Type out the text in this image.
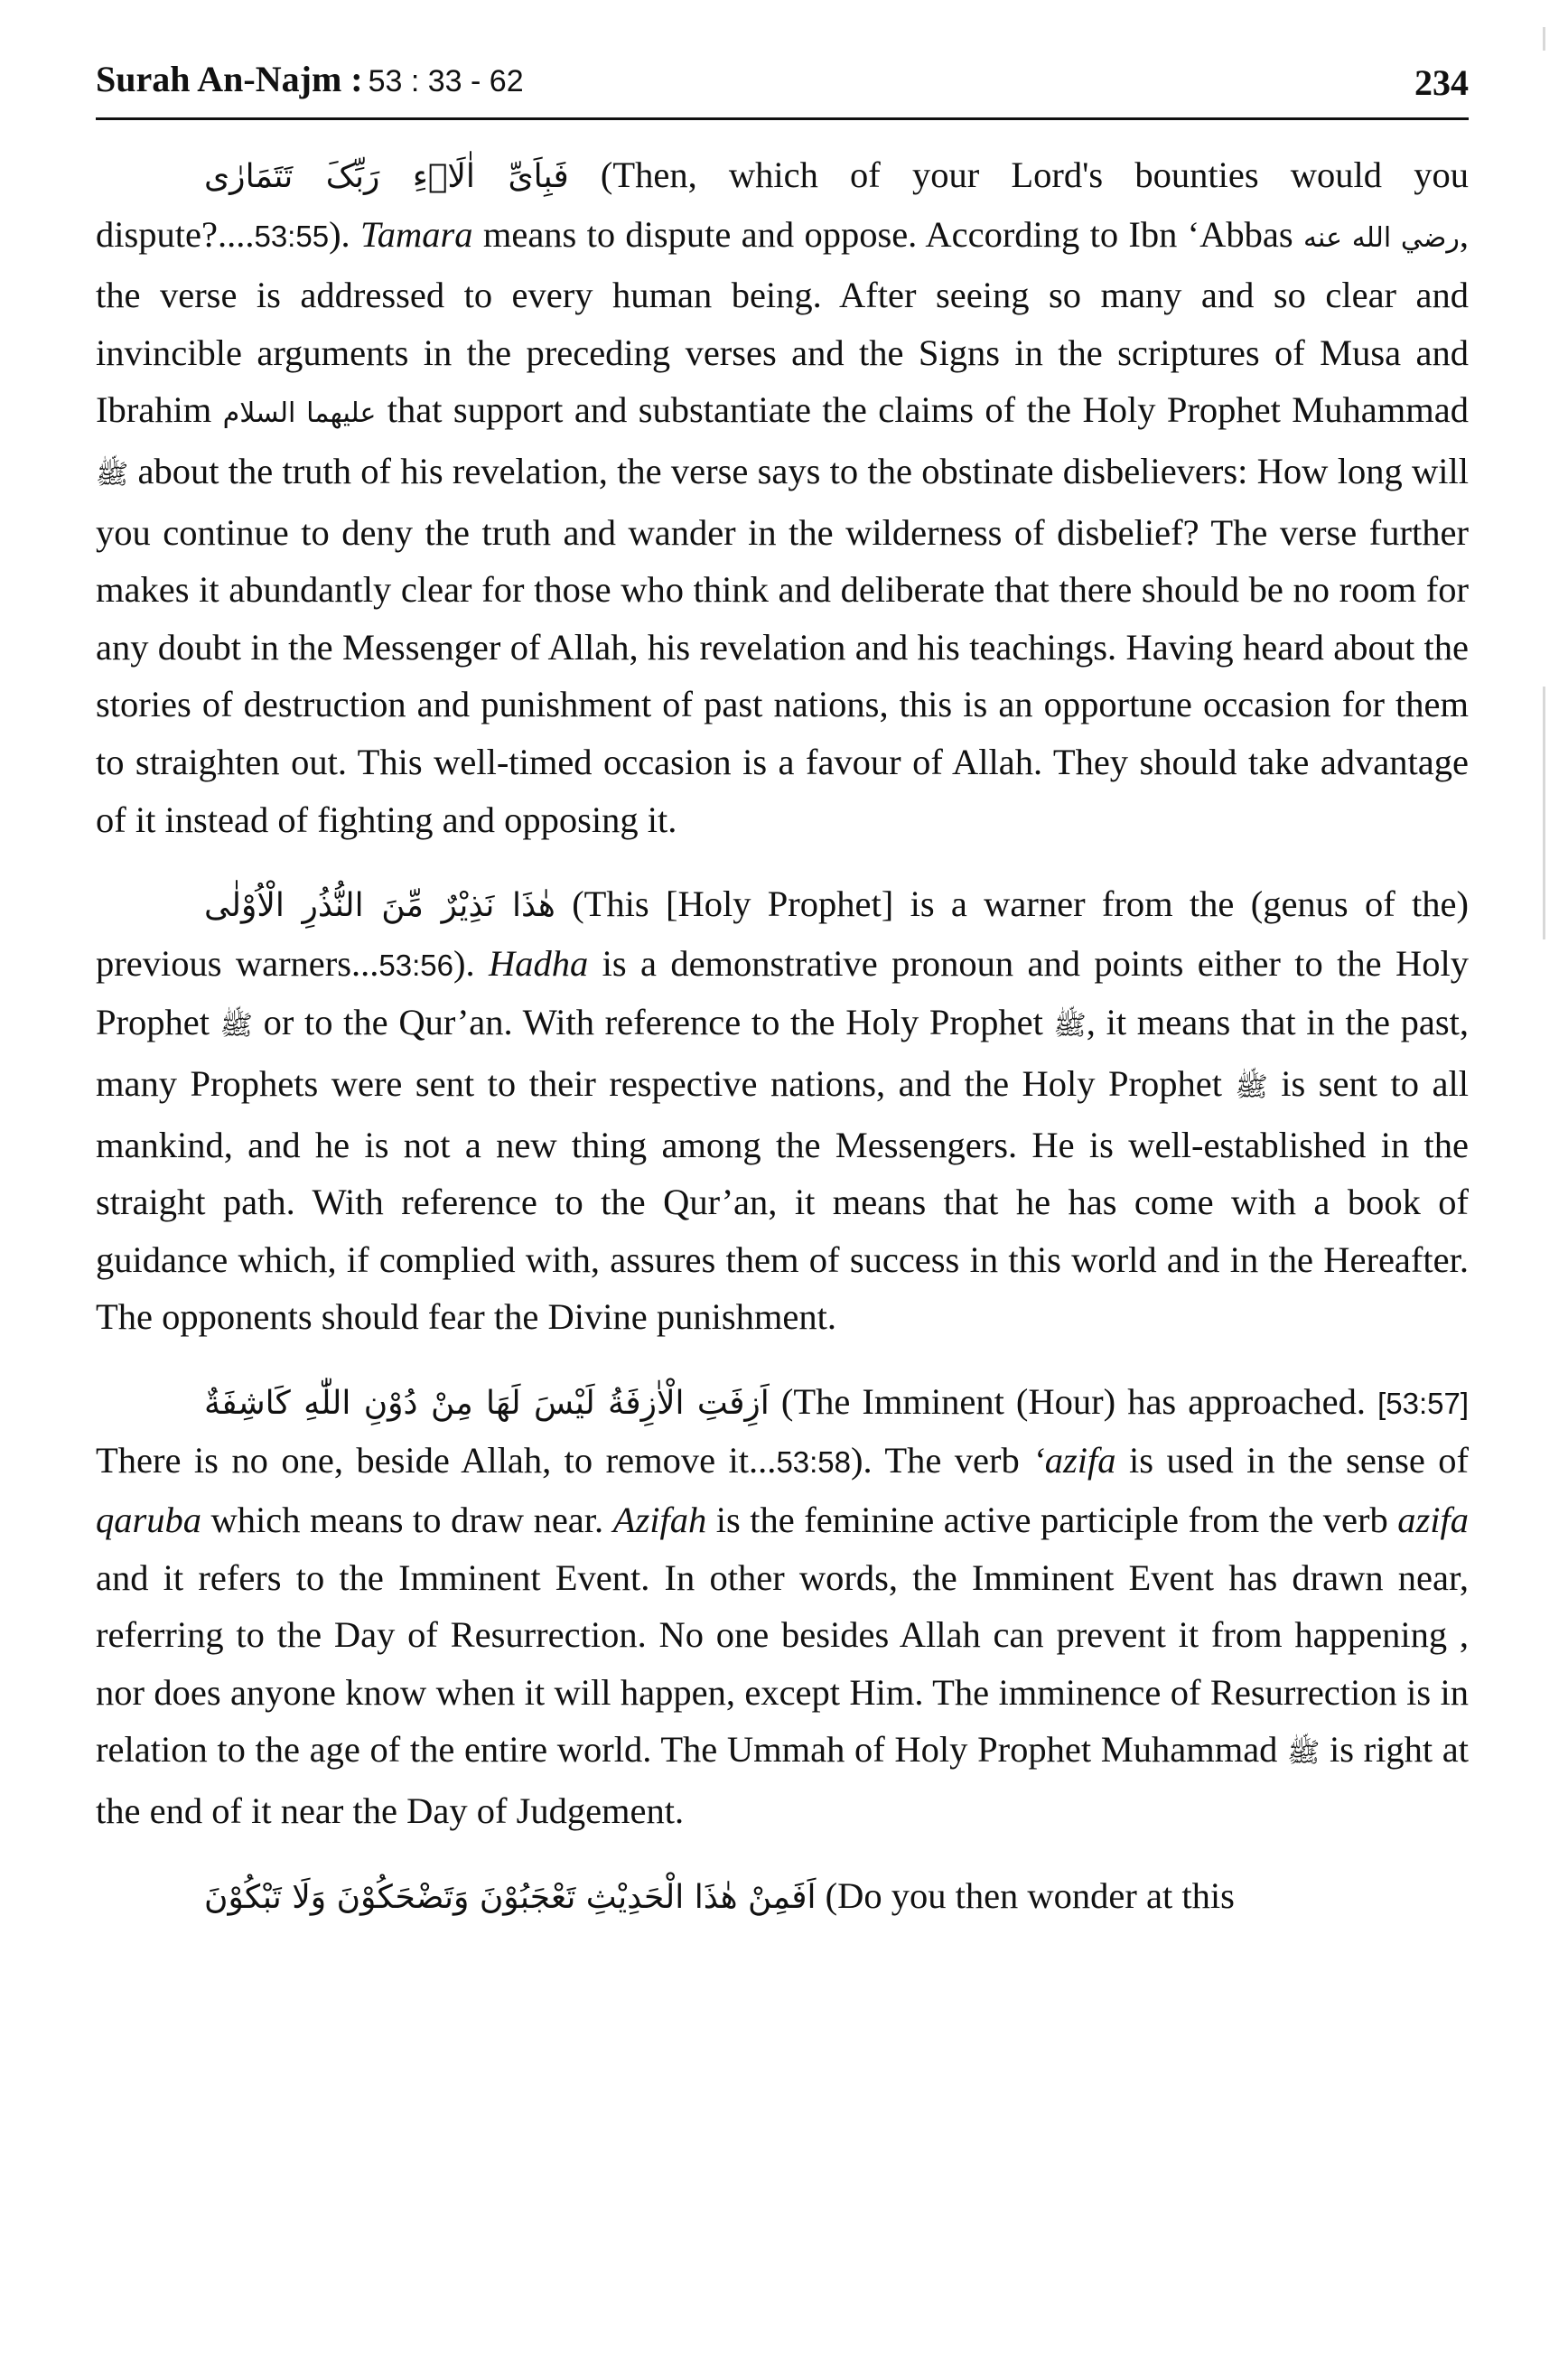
Surah An-Najm : 53 : 33 - 62	234

فَبِاَیِّ اٰلَاۗءِ رَبِّکَ تَتَمَارٰی (Then, which of your Lord's bounties would you dispute?....53:55). Tamara means to dispute and oppose. According to Ibn ‘Abbas رضي الله عنه, the verse is addressed to every human being. After seeing so many and so clear and invincible arguments in the preceding verses and the Signs in the scriptures of Musa and Ibrahim عليهما السلام that support and substantiate the claims of the Holy Prophet Muhammad ﷺ about the truth of his revelation, the verse says to the obstinate disbelievers: How long will you continue to deny the truth and wander in the wilderness of disbelief? The verse further makes it abundantly clear for those who think and deliberate that there should be no room for any doubt in the Messenger of Allah, his revelation and his teachings. Having heard about the stories of destruction and punishment of past nations, this is an opportune occasion for them to straighten out. This well-timed occasion is a favour of Allah. They should take advantage of it instead of fighting and opposing it.

هٰذَا نَذِيْرٌ مِّنَ النُّذُرِ الْاُوْلٰی (This [Holy Prophet] is a warner from the (genus of the) previous warners...53:56). Hadha is a demonstrative pronoun and points either to the Holy Prophet ﷺ or to the Qur’an. With reference to the Holy Prophet ﷺ, it means that in the past, many Prophets were sent to their respective nations, and the Holy Prophet ﷺ is sent to all mankind, and he is not a new thing among the Messengers. He is well-established in the straight path. With reference to the Qur’an, it means that he has come with a book of guidance which, if complied with, assures them of success in this world and in the Hereafter. The opponents should fear the Divine punishment.

اَزِفَتِ الْاٰزِفَةُ لَیْسَ لَهَا مِنْ دُوْنِ اللّٰهِ کَاشِفَةٌ (The Imminent (Hour) has approached. [53:57] There is no one, beside Allah, to remove it...53:58). The verb ‘azifa is used in the sense of qaruba which means to draw near. Azifah is the feminine active participle from the verb azifa and it refers to the Imminent Event. In other words, the Imminent Event has drawn near, referring to the Day of Resurrection. No one besides Allah can prevent it from happening , nor does anyone know when it will happen, except Him. The imminence of Resurrection is in relation to the age of the entire world. The Ummah of Holy Prophet Muhammad ﷺ is right at the end of it near the Day of Judgement.

اَفَمِنْ هٰذَا الْحَدِيْثِ تَعْجَبُوْنَ وَتَضْحَكُوْنَ وَلَا تَبْكُوْنَ (Do you then wonder at this
